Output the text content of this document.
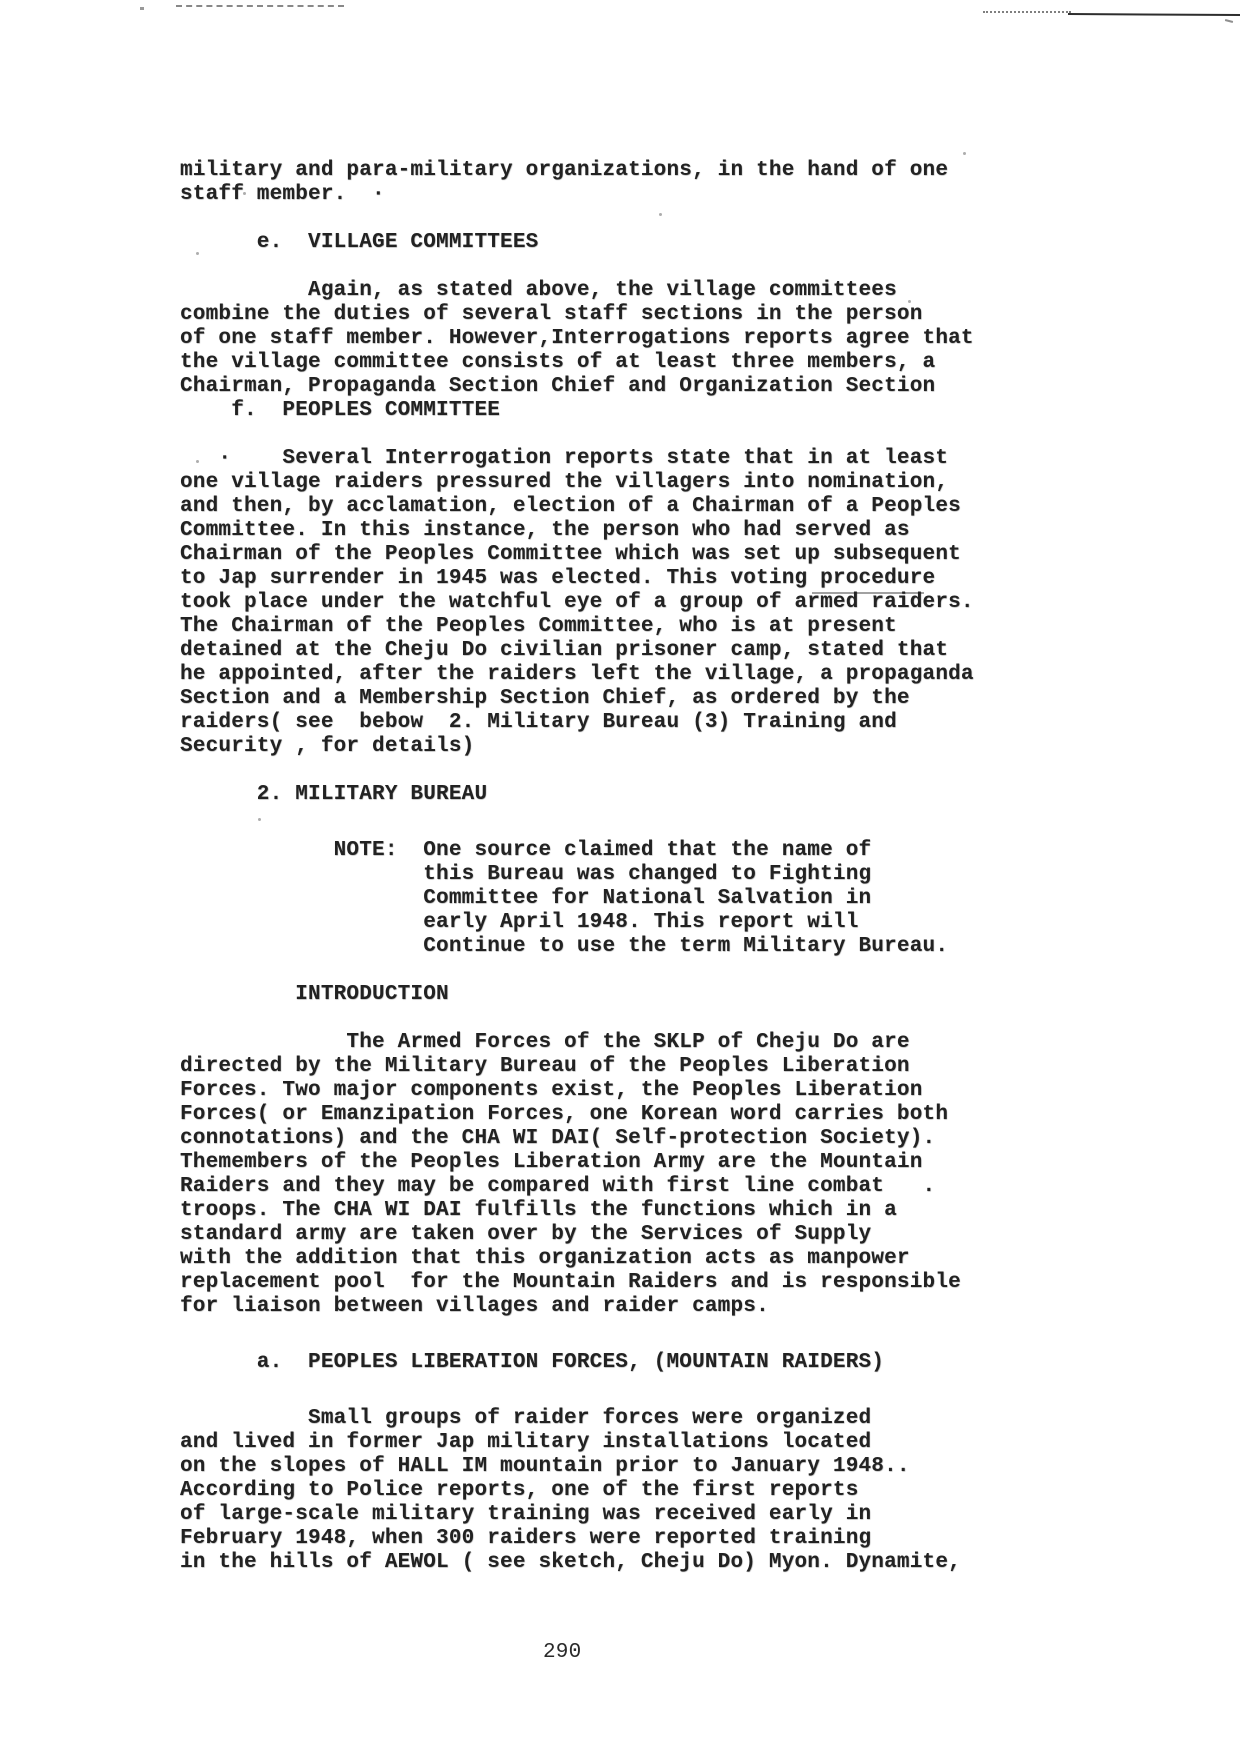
military and para-military organizations, in the hand of one
staff member.  ·
e.  VILLAGE COMMITTEES
Again, as stated above, the village committees
combine the duties of several staff sections in the person
of one staff member. However,Interrogations reports agree that
the village committee consists of at least three members, a
Chairman, Propaganda Section Chief and Organization Section
f.  PEOPLES COMMITTEE
·    Several Interrogation reports state that in at least
one village raiders pressured the villagers into nomination,
and then, by acclamation, election of a Chairman of a Peoples
Committee. In this instance, the person who had served as
Chairman of the Peoples Committee which was set up subsequent
to Jap surrender in 1945 was elected. This voting procedure
took place under the watchful eye of a group of armed raiders.
The Chairman of the Peoples Committee, who is at present
detained at the Cheju Do civilian prisoner camp, stated that
he appointed, after the raiders left the village, a propaganda
Section and a Membership Section Chief, as ordered by the
raiders( see  bebow  2. Military Bureau (3) Training and
Security , for details)
2. MILITARY BUREAU
NOTE:  One source claimed that the name of
this Bureau was changed to Fighting
Committee for National Salvation in
early April 1948. This report will
Continue to use the term Military Bureau.
INTRODUCTION
The Armed Forces of the SKLP of Cheju Do are
directed by the Military Bureau of the Peoples Liberation
Forces. Two major components exist, the Peoples Liberation
Forces( or Emanzipation Forces, one Korean word carries both
connotations) and the CHA WI DAI( Self-protection Society).
Themembers of the Peoples Liberation Army are the Mountain
Raiders and they may be compared with first line combat   .
troops. The CHA WI DAI fulfills the functions which in a
standard army are taken over by the Services of Supply
with the addition that this organization acts as manpower
replacement pool  for the Mountain Raiders and is responsible
for liaison between villages and raider camps.
a.  PEOPLES LIBERATION FORCES, (MOUNTAIN RAIDERS)
Small groups of raider forces were organized
and lived in former Jap military installations located
on the slopes of HALL IM mountain prior to January 1948..
According to Police reports, one of the first reports
of large-scale military training was received early in
February 1948, when 300 raiders were reported training
in the hills of AEWOL ( see sketch, Cheju Do) Myon. Dynamite,
290
